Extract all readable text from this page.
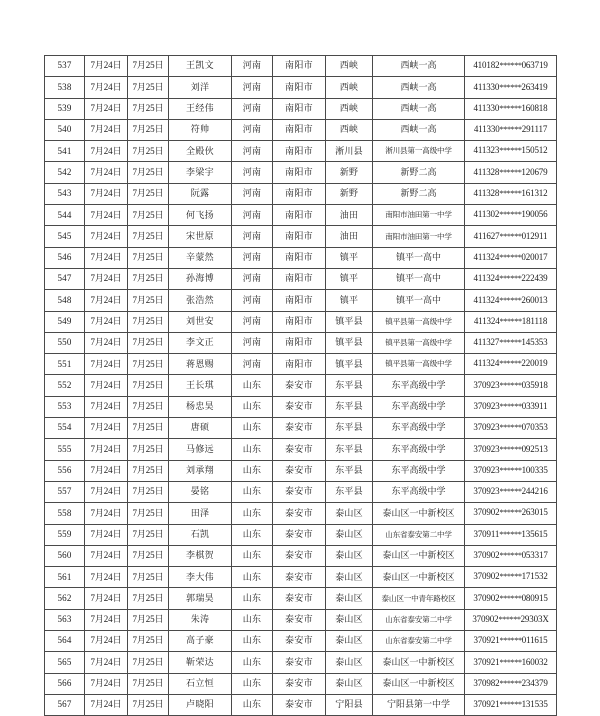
537	7月24日	7月25日	王凯文	河南	南阳市	西峡	西峡一高	410182******063719
538	7月24日	7月25日	刘洋	河南	南阳市	西峡	西峡一高	411330******263419
539	7月24日	7月25日	王经伟	河南	南阳市	西峡	西峡一高	411330******160818
540	7月24日	7月25日	符帅	河南	南阳市	西峡	西峡一高	411330******291117
541	7月24日	7月25日	全殿伙	河南	南阳市	淅川县	淅川县第一高级中学	411323******150512
542	7月24日	7月25日	李梁宇	河南	南阳市	新野	新野二高	411328******120679
543	7月24日	7月25日	阮露	河南	南阳市	新野	新野二高	411328******161312
544	7月24日	7月25日	何飞扬	河南	南阳市	油田	南阳市油田第一中学	411302******190056
545	7月24日	7月25日	宋世原	河南	南阳市	油田	南阳市油田第一中学	411627******012911
546	7月24日	7月25日	辛蒙然	河南	南阳市	镇平	镇平一高中	411324******020017
547	7月24日	7月25日	孙海博	河南	南阳市	镇平	镇平一高中	411324******222439
548	7月24日	7月25日	张浩然	河南	南阳市	镇平	镇平一高中	411324******260013
549	7月24日	7月25日	刘世安	河南	南阳市	镇平县	镇平县第一高级中学	411324******181118
550	7月24日	7月25日	李文正	河南	南阳市	镇平县	镇平县第一高级中学	411327******145353
551	7月24日	7月25日	蒋恩赐	河南	南阳市	镇平县	镇平县第一高级中学	411324******220019
552	7月24日	7月25日	王长琪	山东	泰安市	东平县	东平高级中学	370923******035918
553	7月24日	7月25日	杨忠昊	山东	泰安市	东平县	东平高级中学	370923******033911
554	7月24日	7月25日	唐硕	山东	泰安市	东平县	东平高级中学	370923******070353
555	7月24日	7月25日	马修远	山东	泰安市	东平县	东平高级中学	370923******092513
556	7月24日	7月25日	刘承翔	山东	泰安市	东平县	东平高级中学	370923******100335
557	7月24日	7月25日	晏铭	山东	泰安市	东平县	东平高级中学	370923******244216
558	7月24日	7月25日	田泽	山东	泰安市	泰山区	泰山区一中新校区	370902******263015
559	7月24日	7月25日	石凯	山东	泰安市	泰山区	山东省泰安第二中学	370911******135615
560	7月24日	7月25日	李棋贺	山东	泰安市	泰山区	泰山区一中新校区	370902******053317
561	7月24日	7月25日	李大伟	山东	泰安市	泰山区	泰山区一中新校区	370902******171532
562	7月24日	7月25日	郭瑞昊	山东	泰安市	泰山区	泰山区一中青年路校区	370902******080915
563	7月24日	7月25日	朱涛	山东	泰安市	泰山区	山东省泰安第二中学	370902******29303X
564	7月24日	7月25日	高子豪	山东	泰安市	泰山区	山东省泰安第二中学	370921******011615
565	7月24日	7月25日	靳荣达	山东	泰安市	泰山区	泰山区一中新校区	370921******160032
566	7月24日	7月25日	石立恒	山东	泰安市	泰山区	泰山区一中新校区	370982******234379
567	7月24日	7月25日	卢晓阳	山东	泰安市	宁阳县	宁阳县第一中学	370921******131535
